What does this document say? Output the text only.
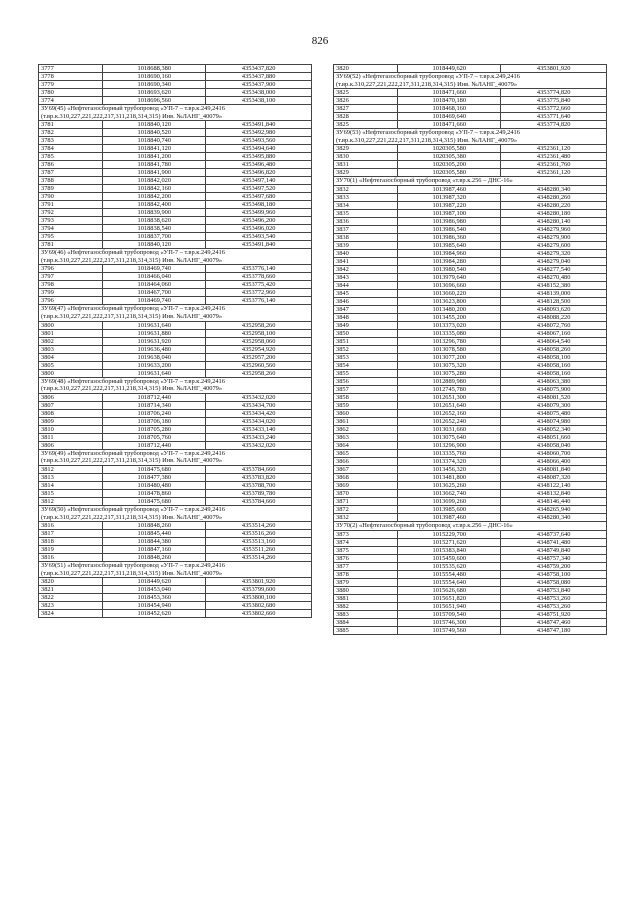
826
3777	1018688,380	4353437,820
3778	1018690,160	4353437,880
3779	1018690,340	4353437,900
3780	1018693,620	4353438,000
3774	1018696,560	4353438,100
ЗУ69(45) «Нефтегазосборный трубопровод «УП-7 – т.вр.к.249,2416 (т.вр.к.310,227,221,222,217,311,218,314,315) Инв. №ЛАНГ_40079»		
3781	1018840,120	4353491,840
3782	1018840,520	4353492,980
3783	1018840,740	4353493,560
3784	1018841,120	4353494,640
3785	1018841,200	4353495,880
3786	1018841,780	4353496,480
3787	1018841,900	4353496,820
3788	1018842,020	4353497,140
3789	1018842,160	4353497,520
3790	1018842,200	4353497,680
3791	1018842,400	4353498,180
3792	1018839,900	4353499,960
3793	1018838,620	4353496,200
3794	1018838,540	4353496,020
3795	1018837,700	4353493,540
3781	1018840,120	4353491,840
ЗУ69(46) «Нефтегазосборный трубопровод «УП-7 – т.вр.к.249,2416 (т.вр.к.310,227,221,222,217,311,218,314,315) Инв. №ЛАНГ_40079»		
3796	1018469,740	4353776,140
3797	1018466,040	4353778,660
3798	1018464,060	4353775,420
3799	1018467,700	4353772,960
3796	1018469,740	4353776,140
ЗУ69(47) «Нефтегазосборный трубопровод «УП-7 – т.вр.к.249,2416 (т.вр.к.310,227,221,222,217,311,218,314,315) Инв. №ЛАНГ_40079»		
3800	1019631,640	4352958,260
3801	1019631,880	4352958,100
3802	1019631,920	4352958,060
3803	1019636,480	4352954,920
3804	1019638,040	4352957,200
3805	1019633,200	4352960,560
3800	1019631,640	4352958,260
ЗУ69(48) «Нефтегазосборный трубопровод «УП-7 – т.вр.к.249,2416 (т.вр.к.310,227,221,222,217,311,218,314,315) Инв. №ЛАНГ_40079»		
3806	1018712,440	4353432,020
3807	1018714,340	4353434,700
3808	1018706,240	4353434,420
3809	1018706,180	4353434,020
3810	1018705,280	4353433,140
3811	1018705,760	4353433,240
3806	1018712,440	4353432,020
ЗУ69(49) «Нефтегазосборный трубопровод «УП-7 – т.вр.к.249,2416 (т.вр.к.310,227,221,222,217,311,218,314,315) Инв. №ЛАНГ_40079»		
3812	1018475,680	4353784,660
3813	1018477,380	4353783,820
3814	1018480,480	4353788,700
3815	1018478,860	4353789,780
3812	1018475,680	4353784,660
ЗУ69(50) «Нефтегазосборный трубопровод «УП-7 – т.вр.к.249,2416 (т.вр.к.310,227,221,222,217,311,218,314,315) Инв. №ЛАНГ_40079»		
3816	1018848,260	4353514,260
3817	1018845,440	4353516,260
3818	1018844,380	4353513,160
3819	1018847,160	4353511,260
3816	1018848,260	4353514,260
ЗУ69(51) «Нефтегазосборный трубопровод «УП-7 – т.вр.к.249,2416 (т.вр.к.310,227,221,222,217,311,218,314,315) Инв. №ЛАНГ_40079»		
3820	1018449,620	4353801,920
3821	1018453,040	4353799,600
3822	1018453,360	4353800,100
3823	1018454,940	4353802,680
3824	1018452,620	4353802,660
3820	1018449,620	4353801,920
ЗУ69(52) «Нефтегазосборный трубопровод «УП-7 – т.вр.к.249,2416 (т.вр.к.310,227,221,222,217,311,218,314,315) Инв. №ЛАНГ_40079»		
3825	1018471,660	4353774,820
3826	1018470,180	4353775,840
3827	1018468,160	4353772,660
3828	1018469,640	4353771,640
3825	1018471,660	4353774,820
ЗУ69(53) «Нефтегазосборный трубопровод «УП-7 – т.вр.к.249,2416 (т.вр.к.310,227,221,222,217,311,218,314,315) Инв. №ЛАНГ_40079»		
3829	1020305,580	4352361,120
3830	1020305,380	4352361,480
3831	1020305,200	4352361,760
3829	1020305,580	4352361,120
ЗУ70(1) «Нефтегазосборный трубопровод «т.вр.к.256 – ДНС-16»		
3832	1013987,460	4348280,340
3833	1013987,320	4348280,260
3834	1013987,220	4348280,220
3835	1013987,100	4348280,180
3836	1013986,980	4348280,140
3837	1013986,540	4348279,960
3838	1013986,360	4348279,900
3839	1013985,640	4348279,600
3840	1013984,960	4348279,320
3841	1013984,280	4348279,040
3842	1013980,540	4348277,540
3843	1013979,640	4348270,480
3844	1013696,660	4348152,380
3845	1013660,220	4348139,000
3846	1013623,800	4348128,500
3847	1013480,200	4348093,620
3848	1013455,200	4348088,220
3849	1013373,020	4348072,760
3850	1013335,080	4348067,160
3851	1013296,780	4348064,540
3852	1013078,580	4348058,260
3853	1013077,200	4348058,100
3854	1013075,320	4348058,160
3855	1013075,280	4348058,160
3856	1012889,980	4348063,380
3857	1012745,780	4348075,900
3858	1012651,300	4348081,520
3859	1012651,640	4348079,300
3860	1012652,160	4348075,480
3861	1012652,240	4348074,980
3862	1013031,660	4348052,340
3863	1013075,640	4348051,660
3864	1013296,900	4348058,040
3865	1013335,760	4348060,700
3866	1013374,320	4348066,400
3867	1013456,320	4348081,840
3868	1013481,800	4348087,320
3869	1013625,260	4348122,140
3870	1013662,740	4348132,840
3871	1013699,260	4348146,440
3872	1013985,600	4348265,940
3832	1013987,460	4348280,340
ЗУ70(2) «Нефтегазосборный трубопровод «т.вр.к.256 – ДНС-16»		
3873	1015229,700	4348737,640
3874	1015271,620	4348741,480
3875	1015383,840	4348749,840
3876	1015459,600	4348757,340
3877	1015535,620	4348759,200
3878	1015554,480	4348758,100
3879	1015554,640	4348758,080
3880	1015626,680	4348753,840
3881	1015651,820	4348753,260
3882	1015651,940	4348753,260
3883	1015709,540	4348751,920
3884	1015746,300	4348747,460
3885	1015749,560	4348747,180
